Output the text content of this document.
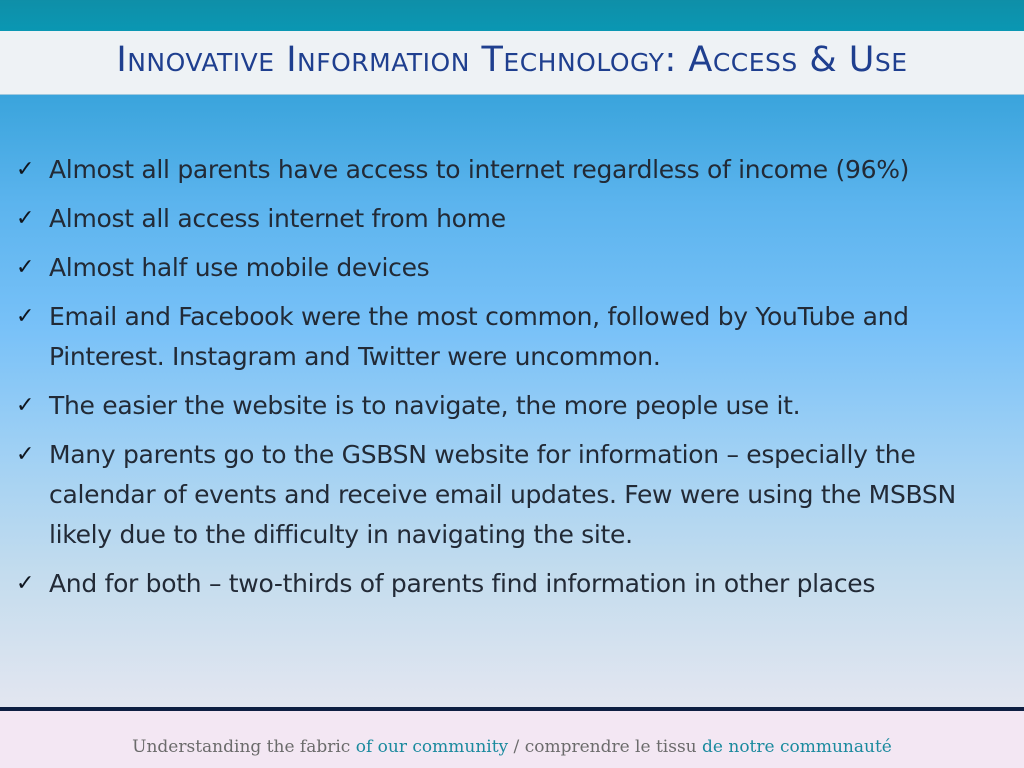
Innovative Information Technology: Access & Use
✓ Almost all parents have access to internet regardless of income (96%)
✓ Almost all access internet from home
✓ Almost half use mobile devices
✓ Email and Facebook were the most common, followed by YouTube and Pinterest. Instagram and Twitter were uncommon.
✓ The easier the website is to navigate, the more people use it.
✓ Many parents go to the GSBSN website for information – especially the calendar of events and receive email updates. Few were using the MSBSN likely due to the difficulty in navigating the site.
✓ And for both – two-thirds of parents find information in other places
Understanding the fabric of our community / comprendre le tissu de notre communauté
